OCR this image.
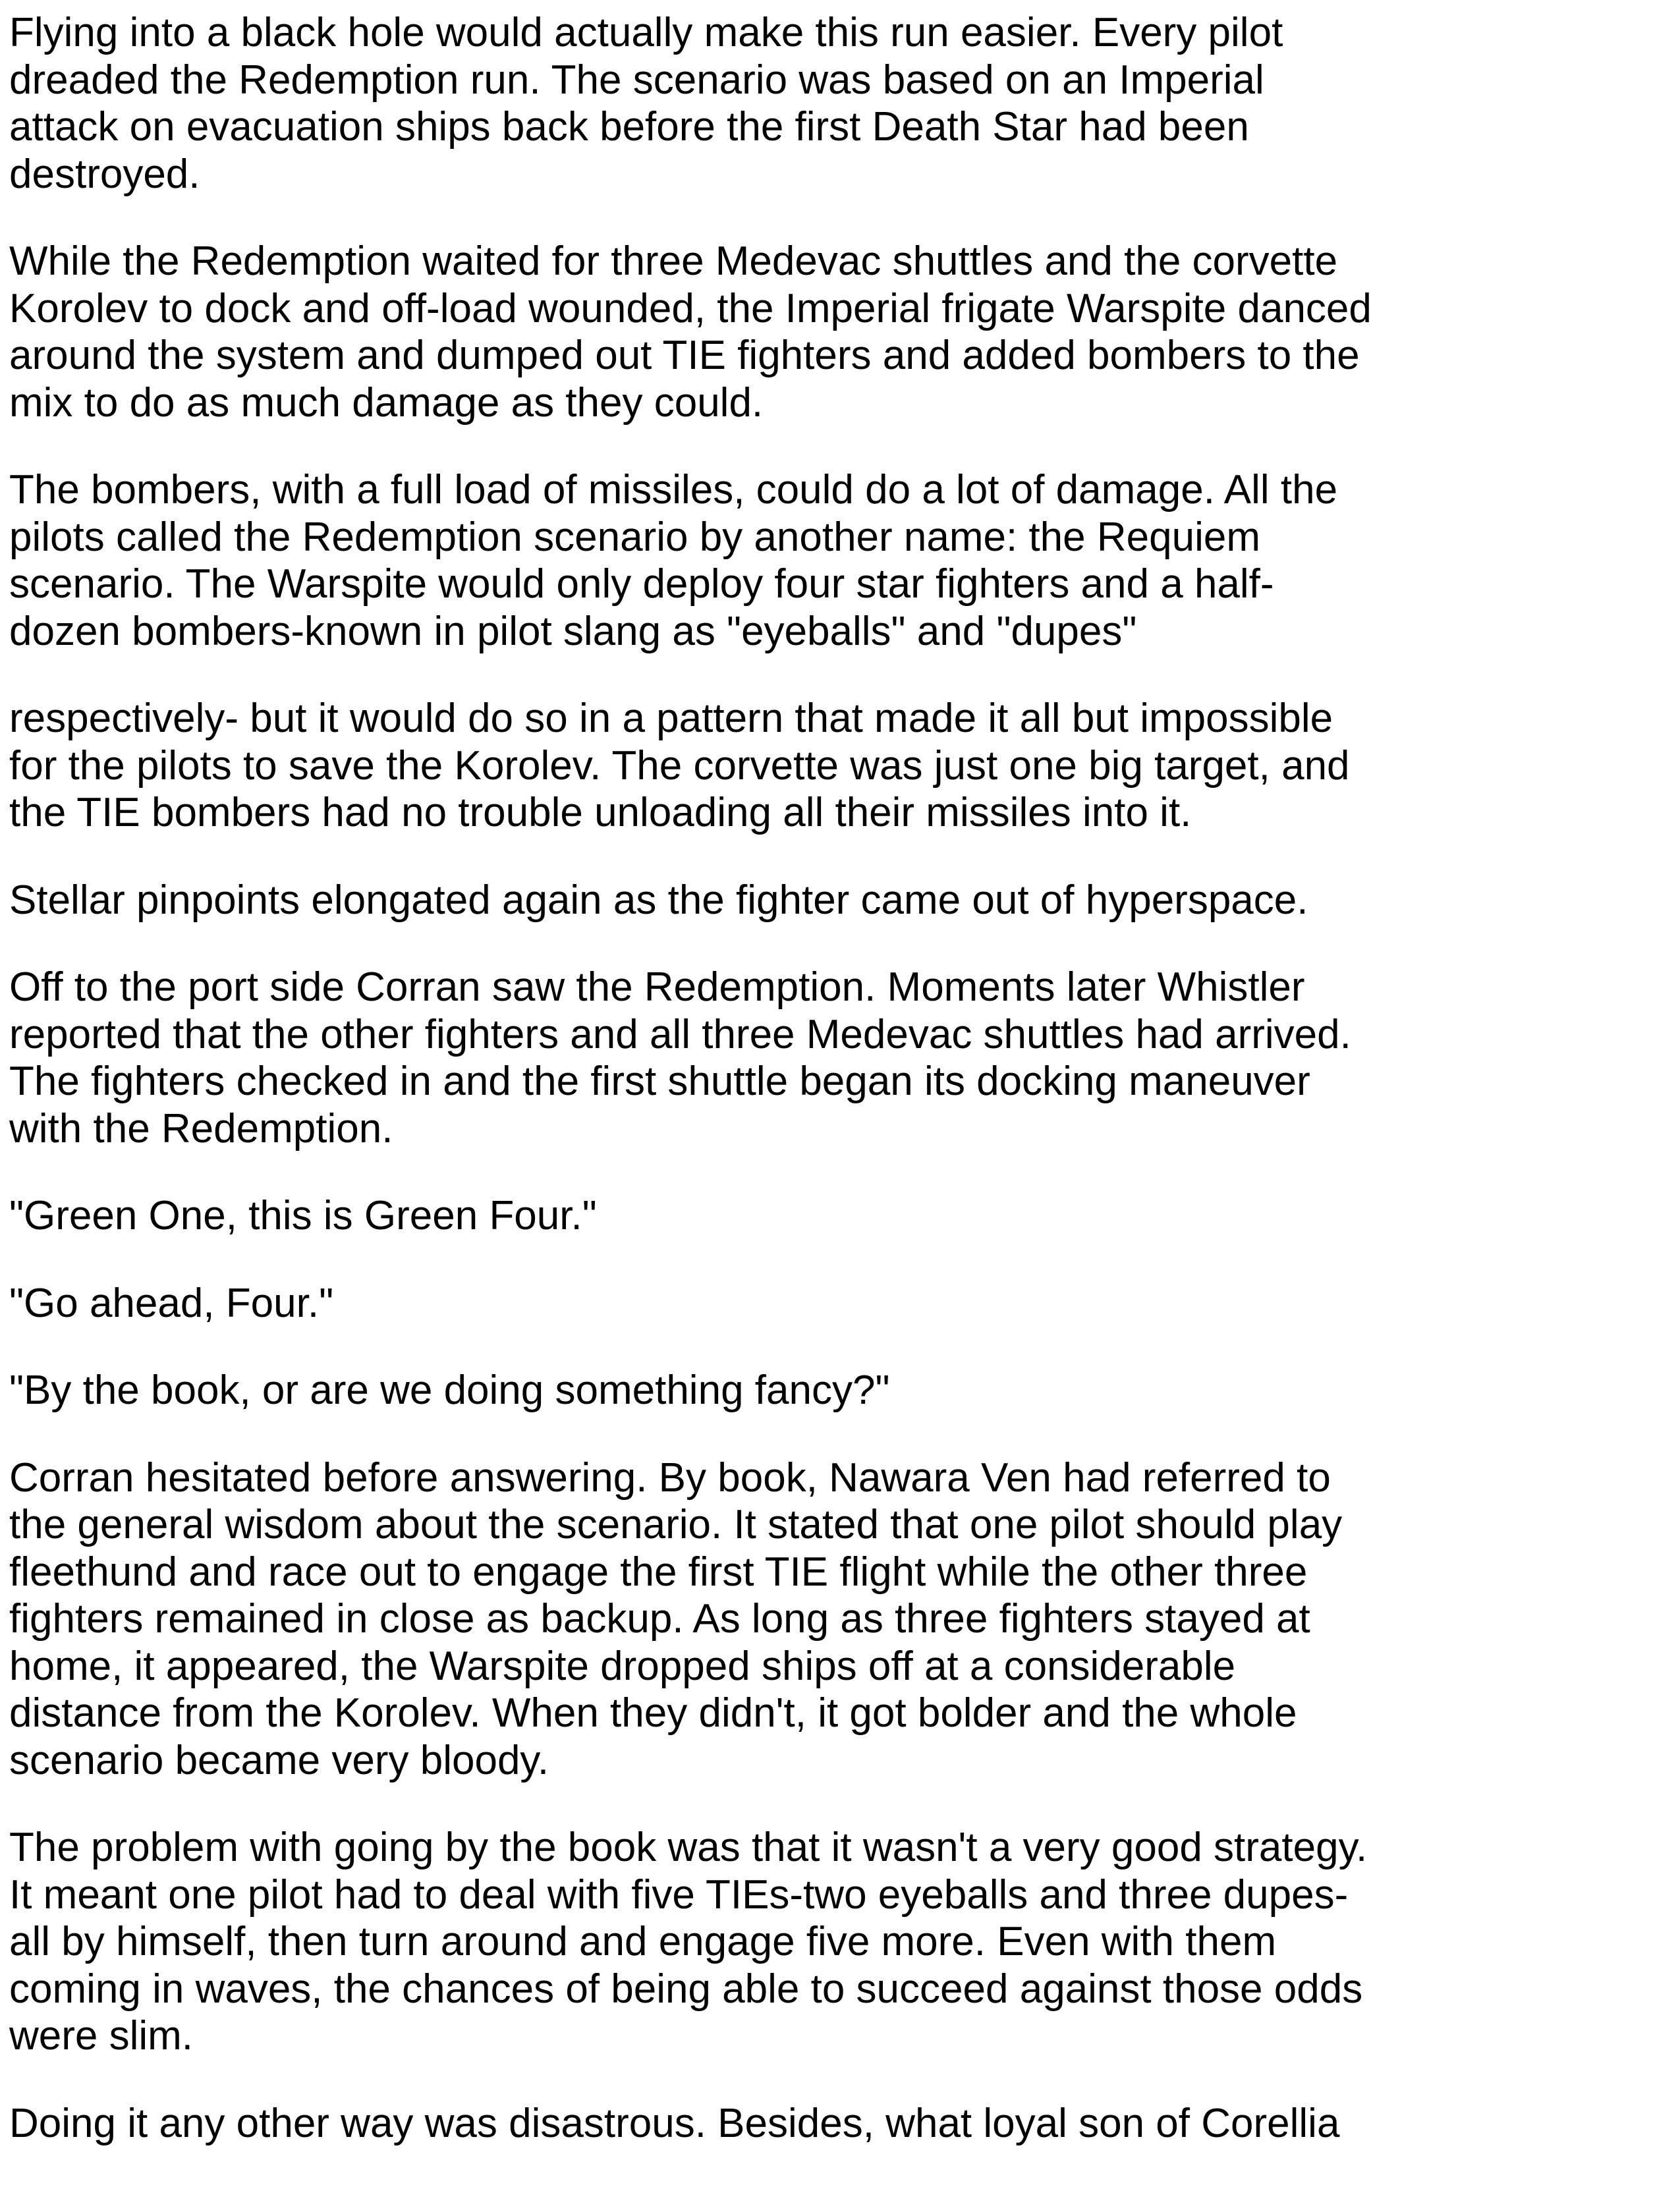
Flying into a black hole would actually make this run easier. Every pilot
dreaded the Redemption run. The scenario was based on an Imperial
attack on evacuation ships back before the first Death Star had been
destroyed.
While the Redemption waited for three Medevac shuttles and the corvette
Korolev to dock and off-load wounded, the Imperial frigate Warspite danced
around the system and dumped out TIE fighters and added bombers to the
mix to do as much damage as they could.
The bombers, with a full load of missiles, could do a lot of damage. All the
pilots called the Redemption scenario by another name: the Requiem
scenario. The Warspite would only deploy four star fighters and a half-
dozen bombers-known in pilot slang as "eyeballs" and "dupes"
respectively- but it would do so in a pattern that made it all but impossible
for the pilots to save the Korolev. The corvette was just one big target, and
the TIE bombers had no trouble unloading all their missiles into it.
Stellar pinpoints elongated again as the fighter came out of hyperspace.
Off to the port side Corran saw the Redemption. Moments later Whistler
reported that the other fighters and all three Medevac shuttles had arrived.
The fighters checked in and the first shuttle began its docking maneuver
with the Redemption.
"Green One, this is Green Four."
"Go ahead, Four."
"By the book, or are we doing something fancy?"
Corran hesitated before answering. By book, Nawara Ven had referred to
the general wisdom about the scenario. It stated that one pilot should play
fleethund and race out to engage the first TIE flight while the other three
fighters remained in close as backup. As long as three fighters stayed at
home, it appeared, the Warspite dropped ships off at a considerable
distance from the Korolev. When they didn't, it got bolder and the whole
scenario became very bloody.
The problem with going by the book was that it wasn't a very good strategy.
It meant one pilot had to deal with five TIEs-two eyeballs and three dupes-
all by himself, then turn around and engage five more. Even with them
coming in waves, the chances of being able to succeed against those odds
were slim.
Doing it any other way was disastrous. Besides, what loyal son of Corellia
